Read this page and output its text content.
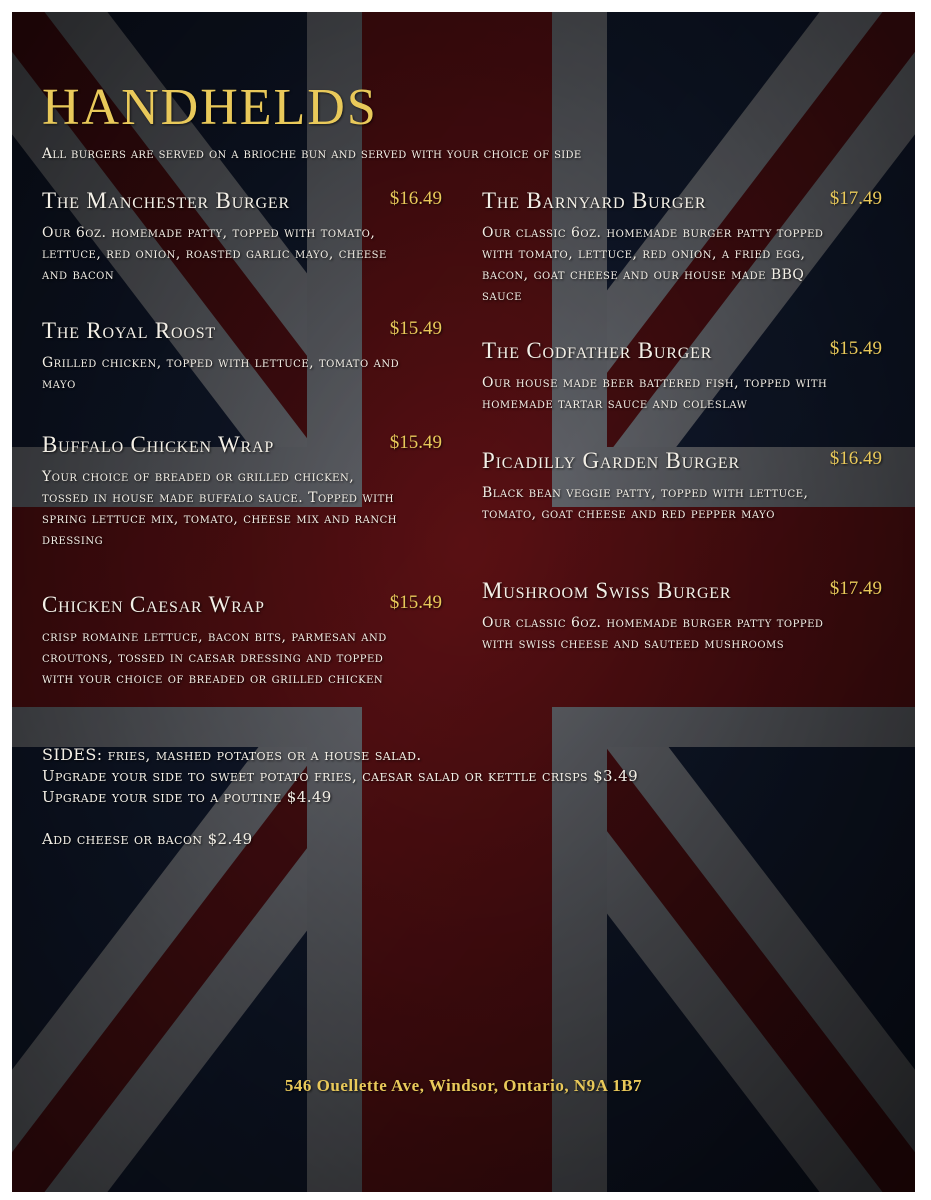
HANDHELDS

All burgers are served on a brioche bun and served with your choice of side

The Manchester Burger	$16.49

Our 6oz. homemade patty, topped with tomato, lettuce, red onion, roasted garlic mayo, cheese and bacon

The Royal Roost	$15.49

Grilled chicken, topped with lettuce, tomato and mayo

Buffalo Chicken Wrap	$15.49

Your choice of breaded or grilled chicken, tossed in house made buffalo sauce. Topped with spring lettuce mix, tomato, cheese mix and ranch dressing

Chicken Caesar Wrap	$15.49

crisp romaine lettuce, bacon bits, parmesan and croutons, tossed in caesar dressing and topped with your choice of breaded or grilled chicken

The Barnyard Burger	$17.49

Our classic 6oz. homemade burger patty topped with tomato, lettuce, red onion, a fried egg, bacon, goat cheese and our house made BBQ sauce

The Codfather Burger	$15.49

Our house made beer battered fish, topped with homemade tartar sauce and coleslaw

Picadilly Garden Burger	$16.49

Black bean veggie patty, topped with lettuce, tomato, goat cheese and red pepper mayo

Mushroom Swiss Burger	$17.49

Our classic 6oz. homemade burger patty topped with swiss cheese and sauteed mushrooms

SIDES: fries, mashed potatoes or a house salad.

Upgrade your side to sweet potato fries, caesar salad or kettle crisps $3.49

Upgrade your side to a poutine $4.49

Add cheese or bacon $2.49

546 Ouellette Ave, Windsor, Ontario, N9A 1B7
